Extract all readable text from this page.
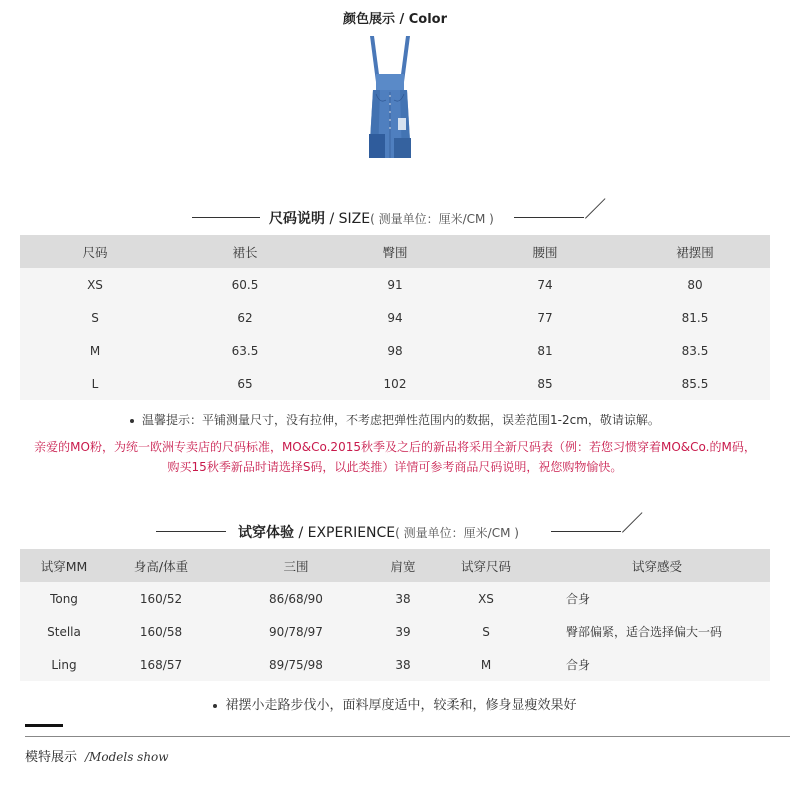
颜色展示 / Color
尺码说明 / SIZE( 测量单位：厘米/CM )
尺码	裙长	臀围	腰围	裙摆围
XS	60.5	91	74	80
S	62	94	77	81.5
M	63.5	98	81	83.5
L	65	102	85	85.5
温馨提示：平铺测量尺寸，没有拉伸，不考虑把弹性范围内的数据，误差范围1-2cm，敬请谅解。
亲爱的MO粉，为统一欧洲专卖店的尺码标准，MO&Co.2015秋季及之后的新品将采用全新尺码表（例：若您习惯穿着MO&Co.的M码，
购买15秋季新品时请选择S码，以此类推）详情可参考商品尺码说明，祝您购物愉快。
试穿体验 / EXPERIENCE( 测量单位：厘米/CM )
试穿MM	身高/体重	三围	肩宽	试穿尺码	试穿感受
Tong	160/52	86/68/90	38	XS	合身
Stella	160/58	90/78/97	39	S	臀部偏紧，适合选择偏大一码
Ling	168/57	89/75/98	38	M	合身
裙摆小走路步伐小，面料厚度适中，较柔和，修身显瘦效果好
模特展示 /Models show
